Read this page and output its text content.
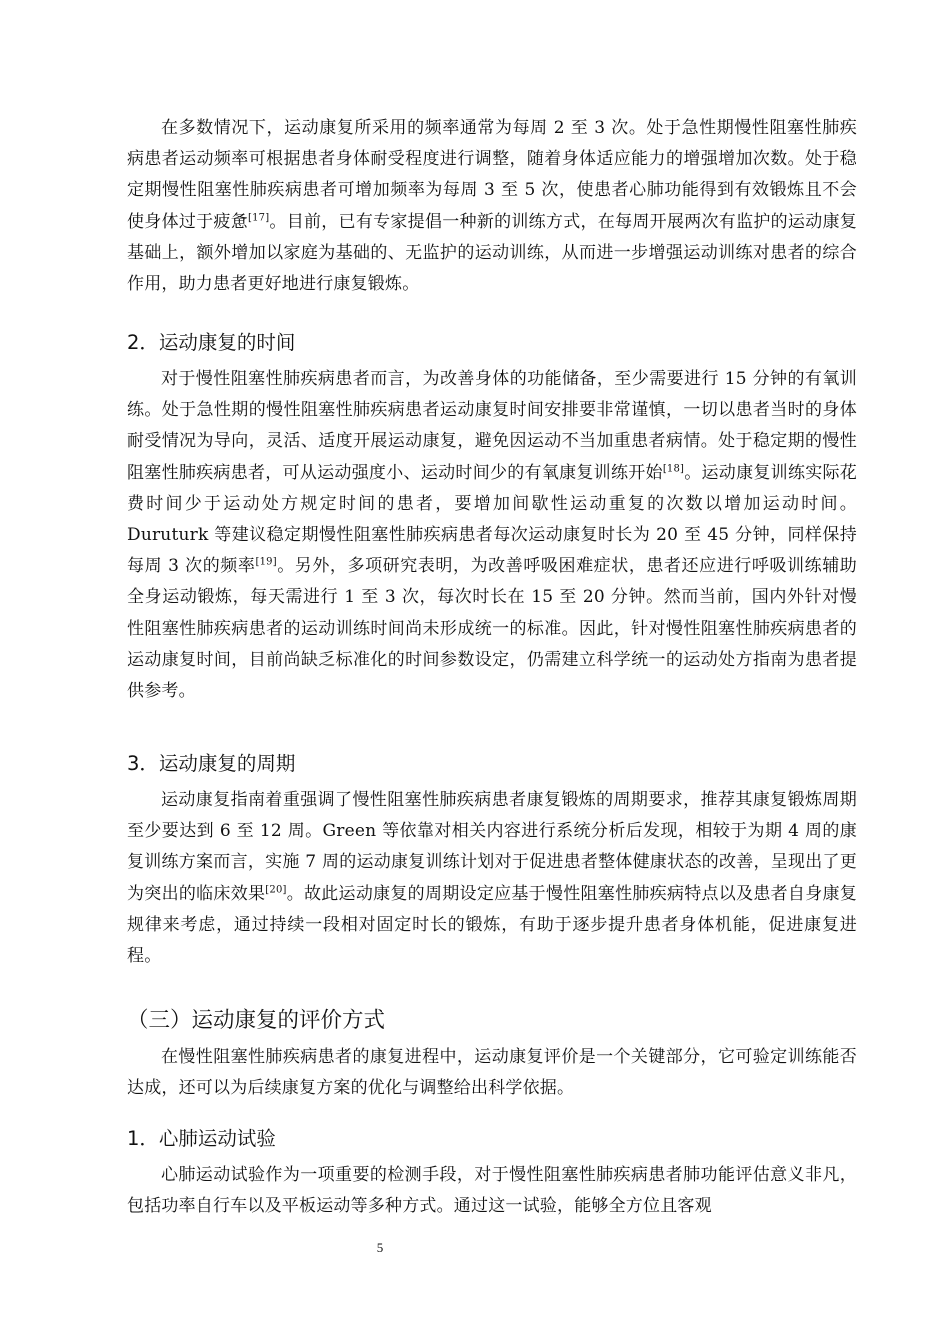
在多数情况下，运动康复所采用的频率通常为每周 2 至 3 次。处于急性期慢性阻塞性肺疾病患者运动频率可根据患者身体耐受程度进行调整，随着身体适应能力的增强增加次数。处于稳定期慢性阻塞性肺疾病患者可增加频率为每周 3 至 5 次，使患者心肺功能得到有效锻炼且不会使身体过于疲惫[17]。目前，已有专家提倡一种新的训练方式，在每周开展两次有监护的运动康复基础上，额外增加以家庭为基础的、无监护的运动训练，从而进一步增强运动训练对患者的综合作用，助力患者更好地进行康复锻炼。

2．运动康复的时间

对于慢性阻塞性肺疾病患者而言，为改善身体的功能储备，至少需要进行 15 分钟的有氧训练。处于急性期的慢性阻塞性肺疾病患者运动康复时间安排要非常谨慎，一切以患者当时的身体耐受情况为导向，灵活、适度开展运动康复，避免因运动不当加重患者病情。处于稳定期的慢性阻塞性肺疾病患者，可从运动强度小、运动时间少的有氧康复训练开始[18]。运动康复训练实际花费时间少于运动处方规定时间的患者，要增加间歇性运动重复的次数以增加运动时间。Duruturk 等建议稳定期慢性阻塞性肺疾病患者每次运动康复时长为 20 至 45 分钟，同样保持每周 3 次的频率[19]。另外，多项研究表明，为改善呼吸困难症状，患者还应进行呼吸训练辅助全身运动锻炼，每天需进行 1 至 3 次，每次时长在 15 至 20 分钟。然而当前，国内外针对慢性阻塞性肺疾病患者的运动训练时间尚未形成统一的标准。因此，针对慢性阻塞性肺疾病患者的运动康复时间，目前尚缺乏标准化的时间参数设定，仍需建立科学统一的运动处方指南为患者提供参考。

3．运动康复的周期

运动康复指南着重强调了慢性阻塞性肺疾病患者康复锻炼的周期要求，推荐其康复锻炼周期至少要达到 6 至 12 周。Green 等依靠对相关内容进行系统分析后发现，相较于为期 4 周的康复训练方案而言，实施 7 周的运动康复训练计划对于促进患者整体健康状态的改善，呈现出了更为突出的临床效果[20]。故此运动康复的周期设定应基于慢性阻塞性肺疾病特点以及患者自身康复规律来考虑，通过持续一段相对固定时长的锻炼，有助于逐步提升患者身体机能，促进康复进程。

（三）运动康复的评价方式

在慢性阻塞性肺疾病患者的康复进程中，运动康复评价是一个关键部分，它可验定训练能否达成，还可以为后续康复方案的优化与调整给出科学依据。

1．心肺运动试验

心肺运动试验作为一项重要的检测手段，对于慢性阻塞性肺疾病患者肺功能评估意义非凡，包括功率自行车以及平板运动等多种方式。通过这一试验，能够全方位且客观

5
